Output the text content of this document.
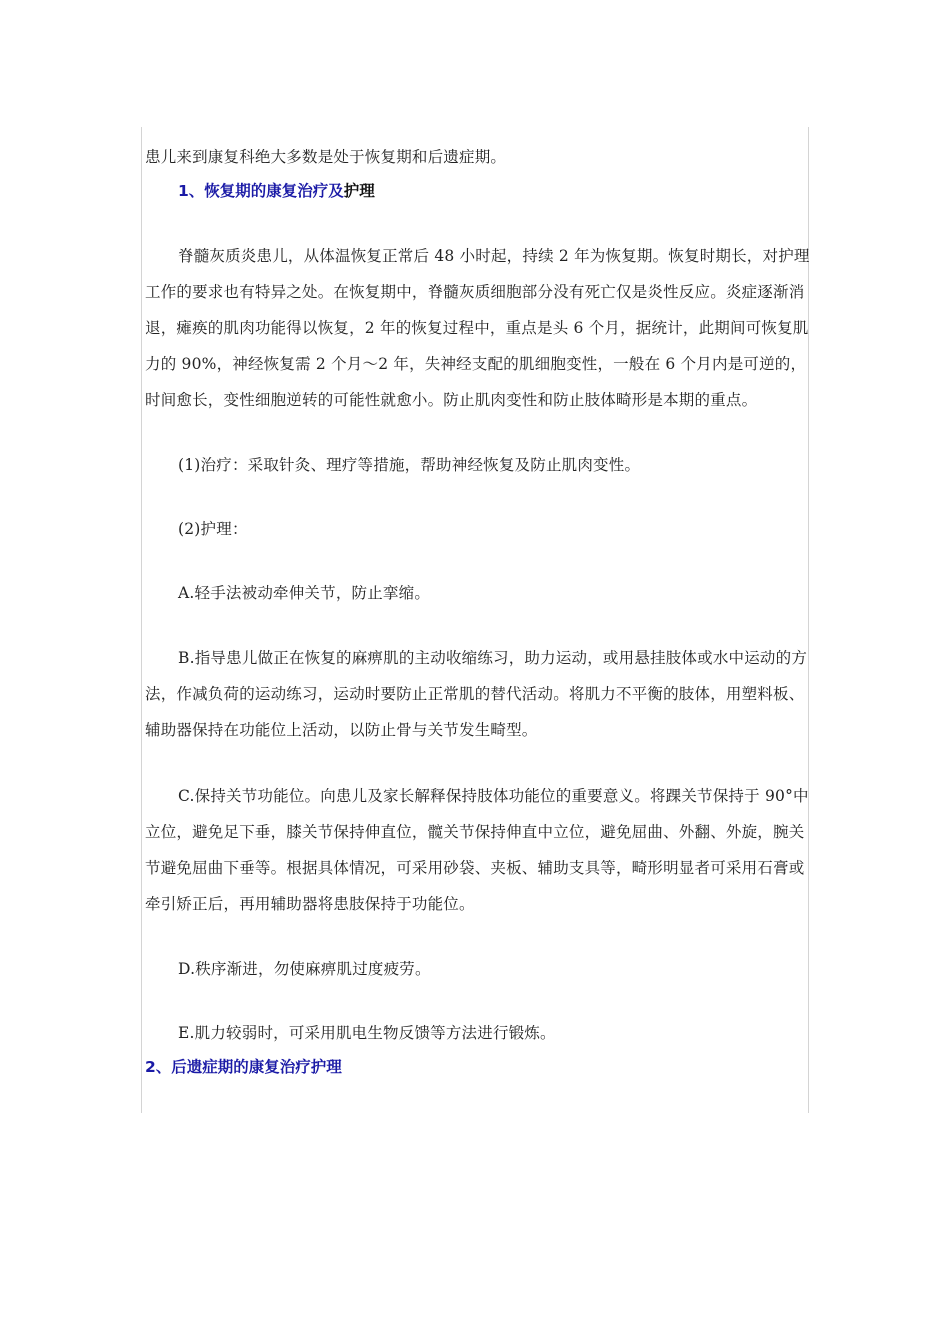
患儿来到康复科绝大多数是处于恢复期和后遗症期。
1、恢复期的康复治疗及护理
脊髓灰质炎患儿，从体温恢复正常后 48 小时起，持续 2 年为恢复期。恢复时期长，对护理工作的要求也有特异之处。在恢复期中，脊髓灰质细胞部分没有死亡仅是炎性反应。炎症逐渐消退，瘫痪的肌肉功能得以恢复，2 年的恢复过程中，重点是头 6 个月，据统计，此期间可恢复肌力的 90%，神经恢复需 2 个月～2 年，失神经支配的肌细胞变性，一般在 6 个月内是可逆的，时间愈长，变性细胞逆转的可能性就愈小。防止肌肉变性和防止肢体畸形是本期的重点。
(1)治疗：采取针灸、理疗等措施，帮助神经恢复及防止肌肉变性。
(2)护理：
A.轻手法被动牵伸关节，防止挛缩。
B.指导患儿做正在恢复的麻痹肌的主动收缩练习，助力运动，或用悬挂肢体或水中运动的方法，作减负荷的运动练习，运动时要防止正常肌的替代活动。将肌力不平衡的肢体，用塑料板、辅助器保持在功能位上活动，以防止骨与关节发生畸型。
C.保持关节功能位。向患儿及家长解释保持肢体功能位的重要意义。将踝关节保持于 90°中立位，避免足下垂，膝关节保持伸直位，髋关节保持伸直中立位，避免屈曲、外翻、外旋，腕关节避免屈曲下垂等。根据具体情况，可采用砂袋、夹板、辅助支具等，畸形明显者可采用石膏或牵引矫正后，再用辅助器将患肢保持于功能位。
D.秩序渐进，勿使麻痹肌过度疲劳。
E.肌力较弱时，可采用肌电生物反馈等方法进行锻炼。
2、后遗症期的康复治疗护理
